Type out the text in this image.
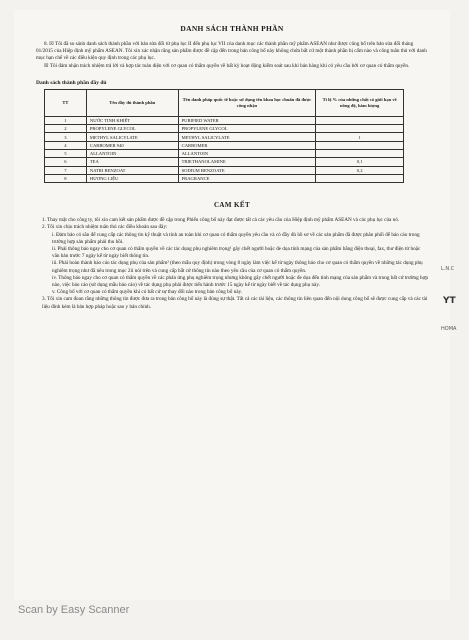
DANH SÁCH THÀNH PHẦN

8. ☒ Tôi đã so sánh danh sách thành phần với bản sửa đổi từ phụ lục II đến phụ lục VII của danh mục các thành phần mỹ phẩm ASEAN như được công bố trên bản sửa đổi tháng 01/2015 của Hiệp định mỹ phẩm ASEAN. Tôi xin xác nhận rằng sản phẩm được đề cập đến trong bản công bố này không chứa bất cứ một thành phần bị cấm nào và công tuân thủ với danh mục hạn chế về các điều kiện quy định trong các phụ lục.

☒ Tôi đảm nhận trách nhiệm trả lời và hợp tác toàn diện với cơ quan có thẩm quyền về bất kỳ hoạt động kiểm soát sau khi bán hàng khi có yêu cầu bởi cơ quan có thẩm quyền.

Danh sách thành phần đầy đủ
TT	Tên đầy đủ thành phần	Tên danh pháp quốc tế hoặc sử dụng tên khoa học chuẩn đã được công nhận	Tỉ lệ % của những chất có giới hạn về nồng độ, hàm lượng
1	NƯỚC TINH KHIẾT	PURIFIED WATER	
2	PROPYLENE GLYCOL	PROPYLENE GLYCOL	
3	METHYL SALICYLATE	METHYL SALICYLATE	1
4	CARBOMER 940	CARBOMER	
5	ALLANTOIN	ALLANTOIN	
6	TEA	TRIETHANOLAMINE	0,1
7	NATRI BENZOAT	SODIUM BENZOATE	0,2
8	HƯƠNG LIỆU	FRAGRANCE	
CAM KẾT

1. Thay mặt cho công ty, tôi xin cam kết sản phẩm được đề cập trong Phiếu công bố này đạt được tất cả các yêu cầu của Hiệp định mỹ phẩm ASEAN và các phụ lục của nó.

2. Tôi xin chịu trách nhiệm tuân thủ các điều khoản sau đây:

i. Đảm bảo có sẵn để cung cấp các thông tin kỹ thuật và tính an toàn khi cơ quan có thẩm quyền yêu cầu và có đầy đủ hồ sơ về các sản phẩm đã được phân phối để báo cáo trong trường hợp sản phẩm phải thu hồi.

ii. Phải thông báo ngay cho cơ quan có thẩm quyền về các tác dụng phụ nghiêm trọng¹ gây chết người hoặc đe dọa tính mạng của sản phẩm bằng điện thoại, fax, thư điện tử hoặc văn bản trước 7 ngày kể từ ngày biết thông tin.

iii. Phải hoàn thành báo cáo tác dụng phụ của sản phẩm² (theo mẫu quy định) trong vòng 8 ngày làm việc kể từ ngày thông báo cho cơ quan có thẩm quyền về những tác dụng phụ nghiêm trọng như đã nêu trong mục 2ii nói trên và cung cấp bất cứ thông tin nào theo yêu cầu của cơ quan có thẩm quyền.

iv. Thông báo ngay cho cơ quan có thẩm quyền về các phản ứng phụ nghiêm trọng nhưng không gây chết người hoặc đe dọa đến tính mạng của sản phẩm và trong bất cứ trường hợp nào, việc báo cáo (sử dụng mẫu báo cáo) về tác dụng phụ phải được tiến hành trước 15 ngày kể từ ngày biết về tác dụng phụ này.

v. Công bố với cơ quan có thẩm quyền khi có bất cứ sự thay đổi nào trong bản công bố này.

3. Tôi xin cam đoan rằng những thông tin được đưa ra trong bản công bố này là đúng sự thật. Tất cả các tài liệu, các thông tin liên quan đến nội dung công bố sẽ được cung cấp và các tài liệu đính kèm là bản hợp pháp hoặc sao y bản chính.

L.N.C
YT
HOMA
Scan by Easy Scanner
